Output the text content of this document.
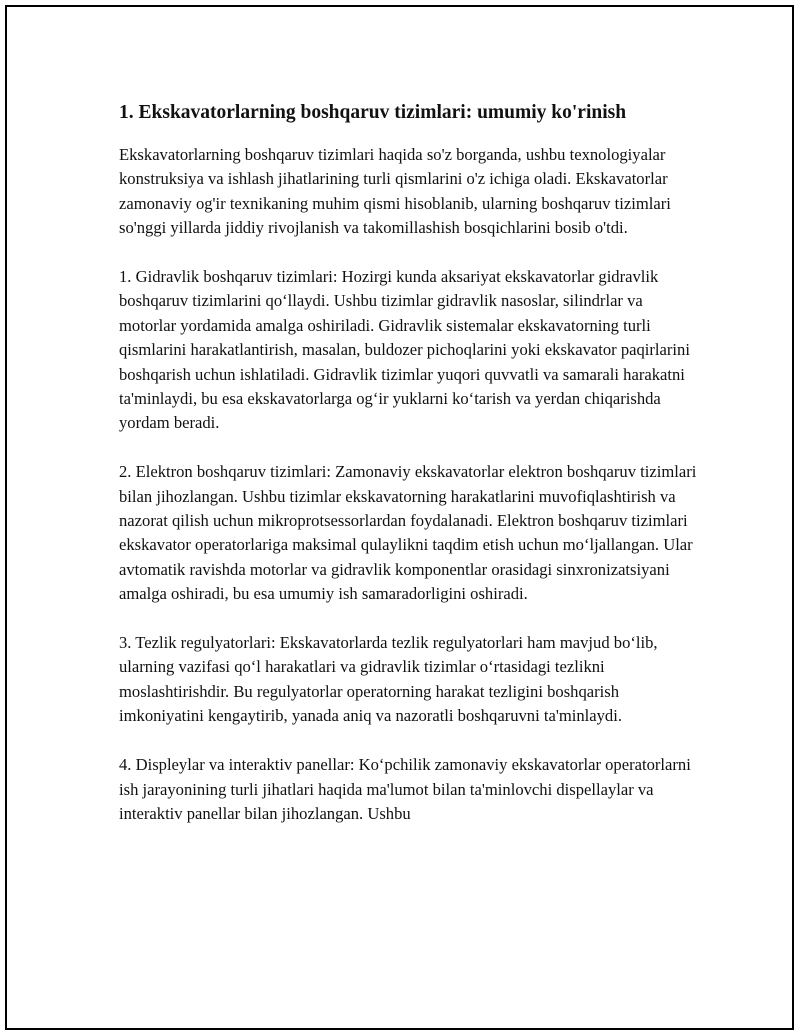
1. Ekskavatorlarning boshqaruv tizimlari: umumiy ko'rinish

Ekskavatorlarning boshqaruv tizimlari haqida so'z borganda, ushbu texnologiyalar konstruksiya va ishlash jihatlarining turli qismlarini o'z ichiga oladi. Ekskavatorlar zamonaviy og'ir texnikaning muhim qismi hisoblanib, ularning boshqaruv tizimlari so'nggi yillarda jiddiy rivojlanish va takomillashish bosqichlarini bosib o'tdi.

1. Gidravlik boshqaruv tizimlari: Hozirgi kunda aksariyat ekskavatorlar gidravlik boshqaruv tizimlarini qo‘llaydi. Ushbu tizimlar gidravlik nasoslar, silindrlar va motorlar yordamida amalga oshiriladi. Gidravlik sistemalar ekskavatorning turli qismlarini harakatlantirish, masalan, buldozer pichoqlarini yoki ekskavator paqirlarini boshqarish uchun ishlatiladi. Gidravlik tizimlar yuqori quvvatli va samarali harakatni ta'minlaydi, bu esa ekskavatorlarga og‘ir yuklarni ko‘tarish va yerdan chiqarishda yordam beradi.

2. Elektron boshqaruv tizimlari: Zamonaviy ekskavatorlar elektron boshqaruv tizimlari bilan jihozlangan. Ushbu tizimlar ekskavatorning harakatlarini muvofiqlashtirish va nazorat qilish uchun mikroprotsessorlardan foydalanadi. Elektron boshqaruv tizimlari ekskavator operatorlariga maksimal qulaylikni taqdim etish uchun mo‘ljallangan. Ular avtomatik ravishda motorlar va gidravlik komponentlar orasidagi sinxronizatsiyani amalga oshiradi, bu esa umumiy ish samaradorligini oshiradi.

3. Tezlik regulyatorlari: Ekskavatorlarda tezlik regulyatorlari ham mavjud bo‘lib, ularning vazifasi qo‘l harakatlari va gidravlik tizimlar o‘rtasidagi tezlikni moslashtirishdir. Bu regulyatorlar operatorning harakat tezligini boshqarish imkoniyatini kengaytirib, yanada aniq va nazoratli boshqaruvni ta'minlaydi.

4. Displeylar va interaktiv panellar: Ko‘pchilik zamonaviy ekskavatorlar operatorlarni ish jarayonining turli jihatlari haqida ma'lumot bilan ta'minlovchi dispellaylar va interaktiv panellar bilan jihozlangan. Ushbu
